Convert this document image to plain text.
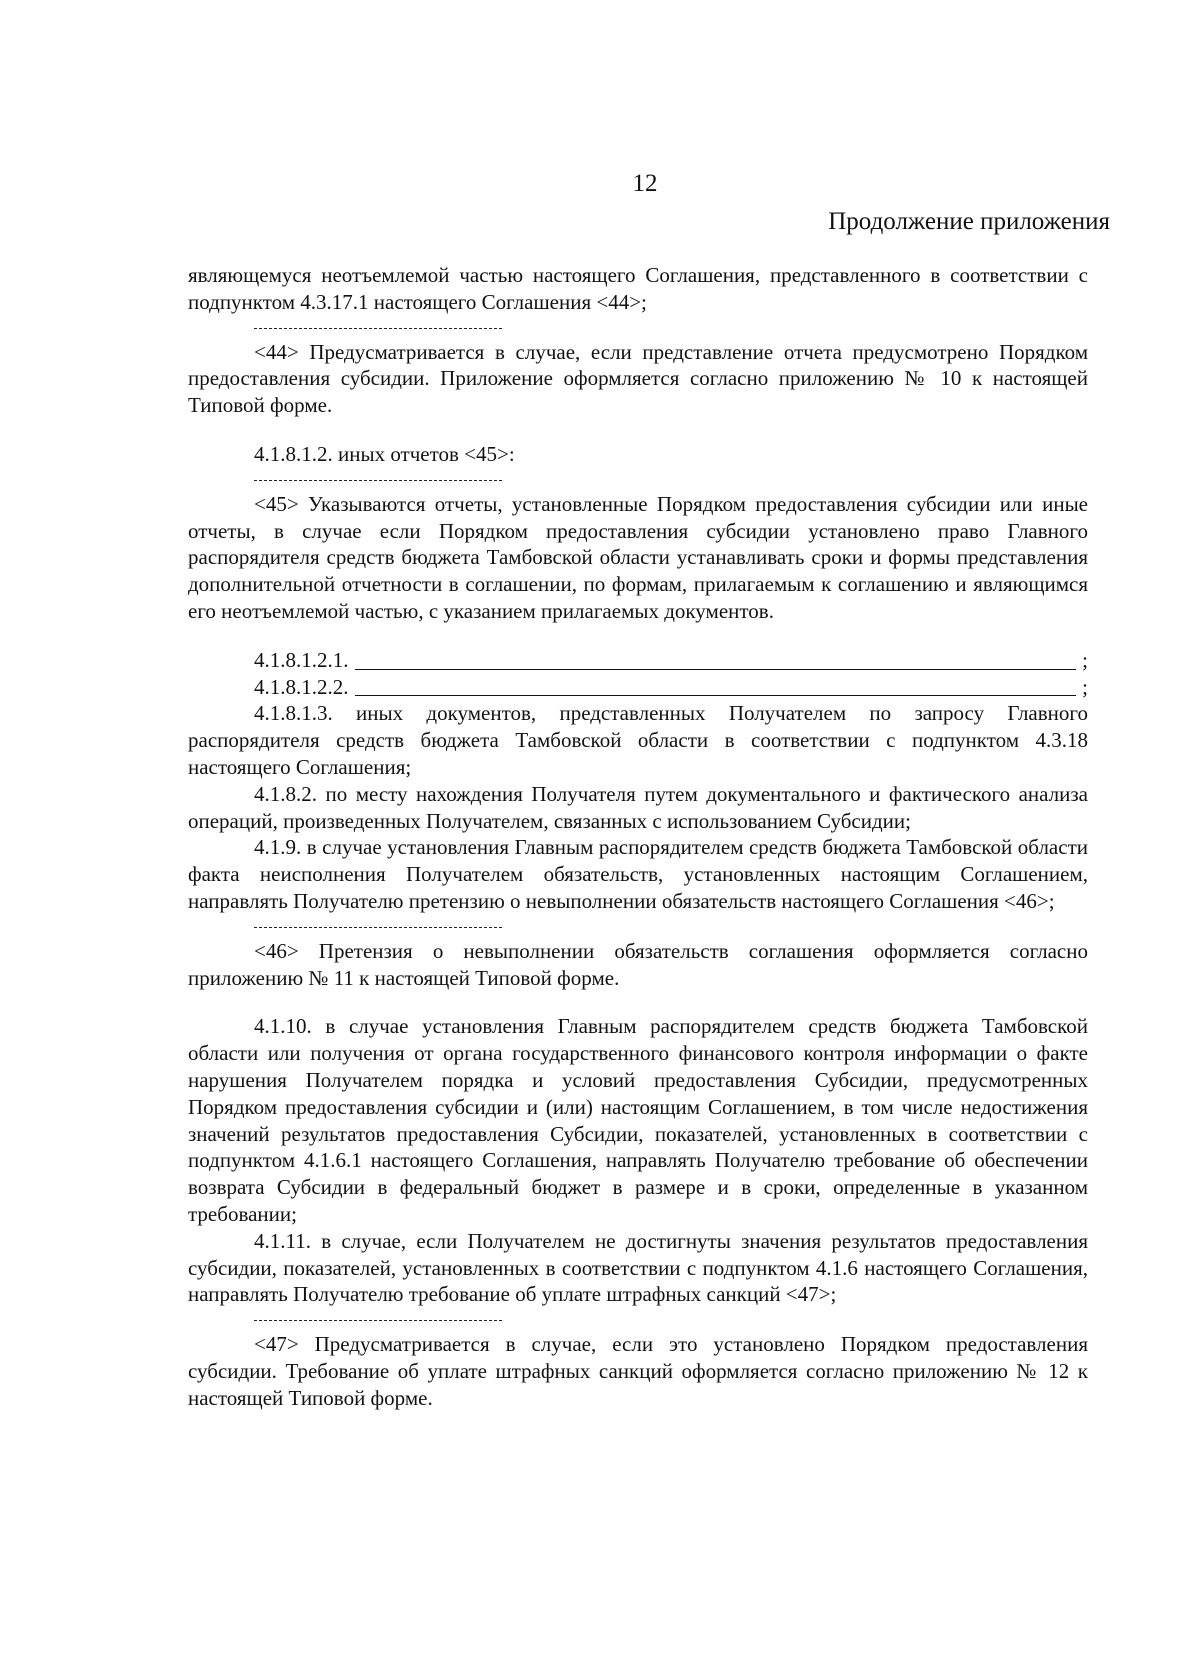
12
Продолжение приложения

являющемуся неотъемлемой частью настоящего Соглашения, представленного в соответствии с подпунктом 4.3.17.1 настоящего Соглашения <44>;

<44> Предусматривается в случае, если представление отчета предусмотрено Порядком предоставления субсидии. Приложение оформляется согласно приложению № 10 к настоящей Типовой форме.

4.1.8.1.2. иных отчетов <45>:

<45> Указываются отчеты, установленные Порядком предоставления субсидии или иные отчеты, в случае если Порядком предоставления субсидии установлено право Главного распорядителя средств бюджета Тамбовской области устанавливать сроки и формы представления дополнительной отчетности в соглашении, по формам, прилагаемым к соглашению и являющимся его неотъемлемой частью, с указанием прилагаемых документов.

4.1.8.1.2.1.	;
4.1.8.1.2.2.	;

4.1.8.1.3. иных документов, представленных Получателем по запросу Главного распорядителя средств бюджета Тамбовской области в соответствии с подпунктом 4.3.18 настоящего Соглашения;

4.1.8.2. по месту нахождения Получателя путем документального и фактического анализа операций, произведенных Получателем, связанных с использованием Субсидии;

4.1.9. в случае установления Главным распорядителем средств бюджета Тамбовской области факта неисполнения Получателем обязательств, установленных настоящим Соглашением, направлять Получателю претензию о невыполнении обязательств настоящего Соглашения <46>;

<46> Претензия о невыполнении обязательств соглашения оформляется согласно приложению № 11 к настоящей Типовой форме.

4.1.10. в случае установления Главным распорядителем средств бюджета Тамбовской области или получения от органа государственного финансового контроля информации о факте нарушения Получателем порядка и условий предоставления Субсидии, предусмотренных Порядком предоставления субсидии и (или) настоящим Соглашением, в том числе недостижения значений результатов предоставления Субсидии, показателей, установленных в соответствии с подпунктом 4.1.6.1 настоящего Соглашения, направлять Получателю требование об обеспечении возврата Субсидии в федеральный бюджет в размере и в сроки, определенные в указанном требовании;

4.1.11. в случае, если Получателем не достигнуты значения результатов предоставления субсидии, показателей, установленных в соответствии с подпунктом 4.1.6 настоящего Соглашения, направлять Получателю требование об уплате штрафных санкций <47>;

<47> Предусматривается в случае, если это установлено Порядком предоставления субсидии. Требование об уплате штрафных санкций оформляется согласно приложению № 12 к настоящей Типовой форме.
